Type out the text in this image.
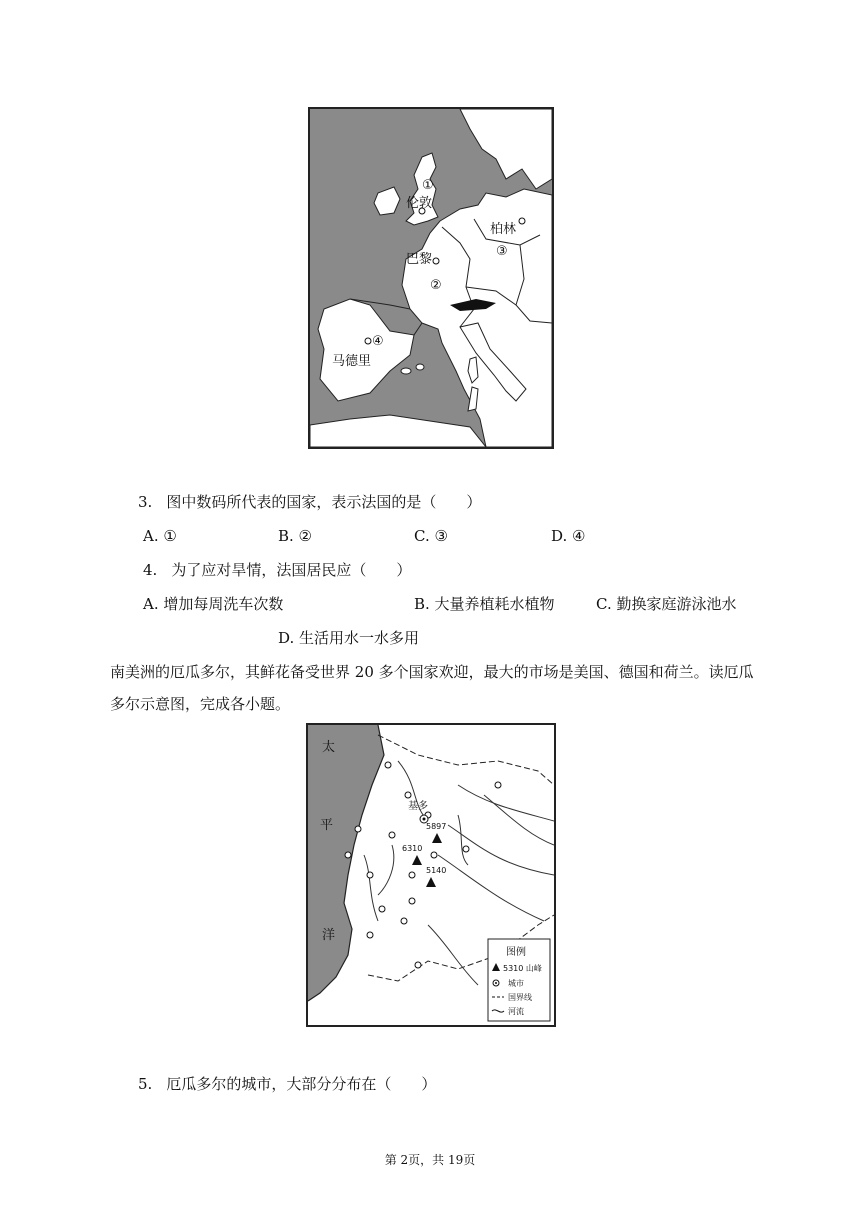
①
伦敦
巴黎
②
柏林
③
④
马德里
3. 图中数码所代表的国家，表示法国的是（　　）
A. ①	B. ②	C. ③	D. ④
4. 为了应对旱情，法国居民应（　　）
A. 增加每周洗车次数	B. 大量养植耗水植物	C. 勤换家庭游泳池水
D. 生活用水一水多用
南美洲的厄瓜多尔，其鲜花备受世界 20 多个国家欢迎，最大的市场是美国、德国和荷兰。读厄瓜
多尔示意图，完成各小题。
太
平
洋
基多
5897
6310
5140
图例
5310 山峰
城市
国界线
河流
5. 厄瓜多尔的城市，大部分分布在（　　）
第 2页，共 19页
